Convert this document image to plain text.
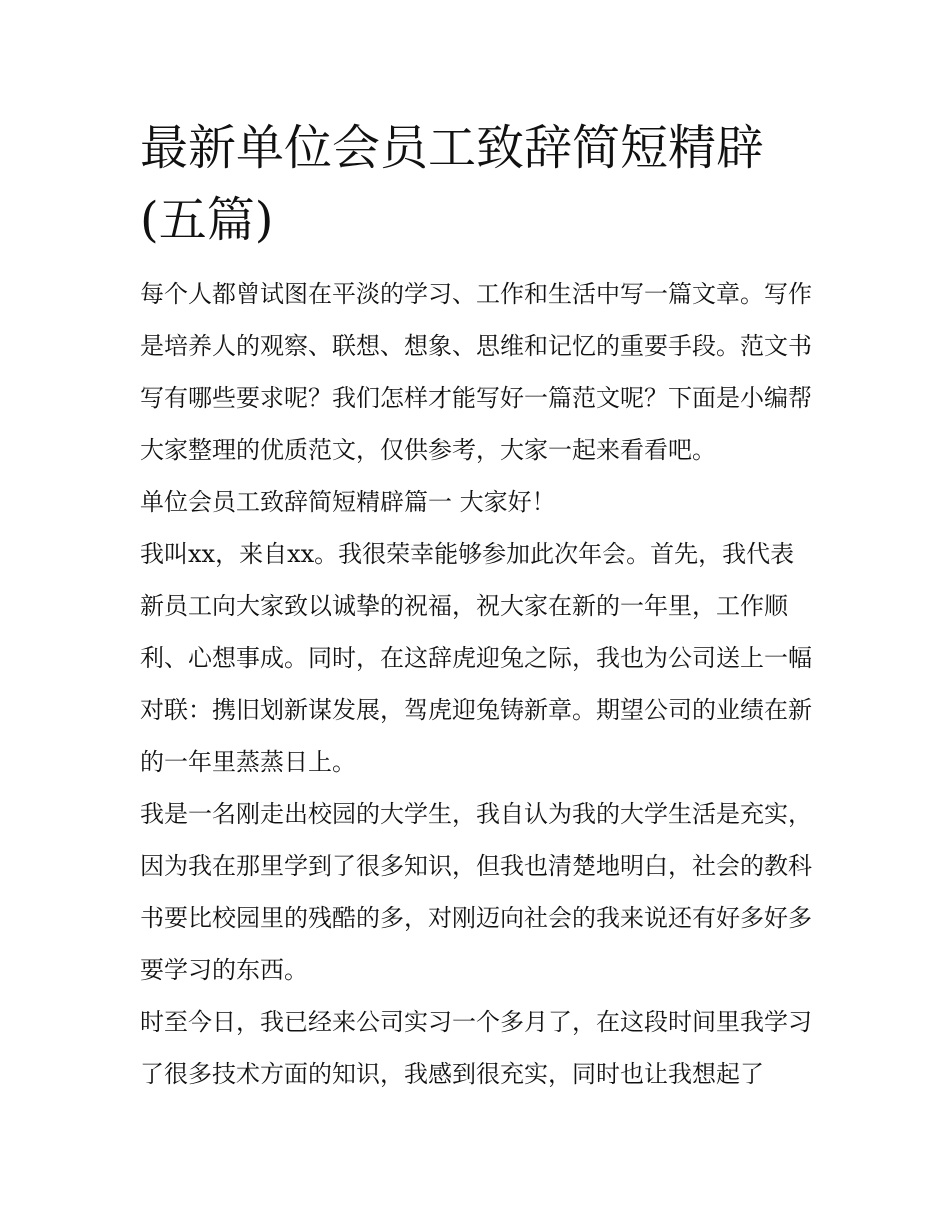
最新单位会员工致辞简短精辟(五篇)

每个人都曾试图在平淡的学习、工作和生活中写一篇文章。写作是培养人的观察、联想、想象、思维和记忆的重要手段。范文书写有哪些要求呢？我们怎样才能写好一篇范文呢？下面是小编帮大家整理的优质范文，仅供参考，大家一起来看看吧。

单位会员工致辞简短精辟篇一 大家好！

我叫xx，来自xx。我很荣幸能够参加此次年会。首先，我代表新员工向大家致以诚挚的祝福，祝大家在新的一年里，工作顺利、心想事成。同时，在这辞虎迎兔之际，我也为公司送上一幅对联：携旧划新谋发展，驾虎迎兔铸新章。期望公司的业绩在新的一年里蒸蒸日上。

我是一名刚走出校园的大学生，我自认为我的大学生活是充实，因为我在那里学到了很多知识，但我也清楚地明白，社会的教科书要比校园里的残酷的多，对刚迈向社会的我来说还有好多好多要学习的东西。

时至今日，我已经来公司实习一个多月了，在这段时间里我学习了很多技术方面的知识，我感到很充实，同时也让我想起了
